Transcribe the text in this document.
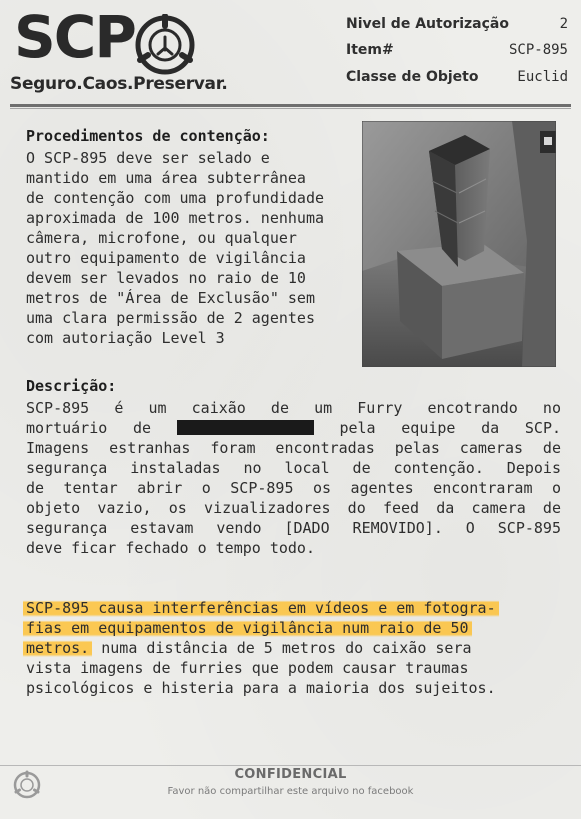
SCP
Seguro.Caos.Preservar.
Nivel de Autorização	2
Item#	SCP-895
Classe de Objeto	Euclid
Procedimentos de contenção:
O SCP-895 deve ser selado e
mantido em uma área subterrânea
de contenção com uma profundidade
aproximada de 100 metros. nenhuma
câmera, microfone, ou qualquer
outro equipamento de vigilância
devem ser levados no raio de 10
metros de "Área de Exclusão" sem
uma clara permissão de 2 agentes
com autoriação Level 3
Descrição:
SCP-895 é um caixão de um Furry encotrando no
mortuário de	pela equipe da SCP.
Imagens estranhas foram encontradas pelas cameras de
segurança instaladas no local de contenção. Depois
de tentar abrir o SCP-895 os agentes encontraram o
objeto vazio, os vizualizadores do feed da camera de
segurança estavam vendo [DADO REMOVIDO]. O SCP-895
deve ficar fechado o tempo todo.
SCP-895 causa interferências em vídeos e em fotogra-
fias em equipamentos de vigilância num raio de 50
metros. numa distância de 5 metros do caixão sera
vista imagens de furries que podem causar traumas
psicológicos e histeria para a maioria dos sujeitos.
CONFIDENCIAL
Favor não compartilhar este arquivo no facebook
